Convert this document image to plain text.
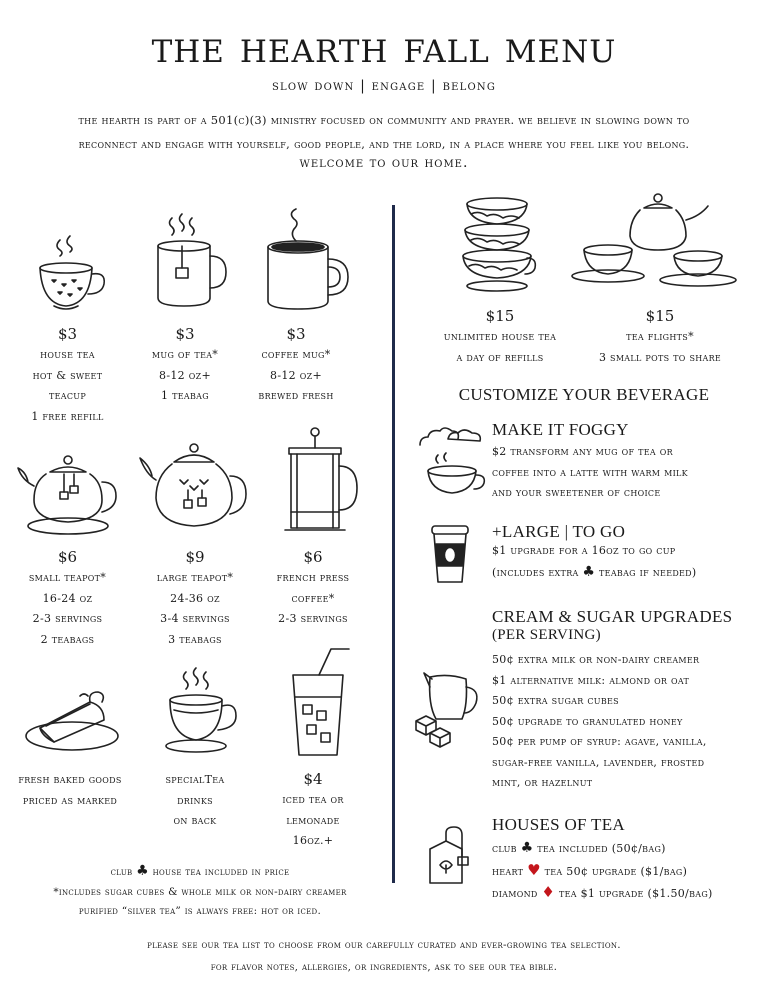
the hearth fall menu
slow down | engage | belong
the hearth is part of a 501(c)(3) ministry focused on community and prayer. we believe in slowing down to
reconnect and engage with yourself, good people, and the lord, in a place where you feel like you belong.
welcome to our home.
$3
house tea
hot & sweet
teacup
1 free refill
$3
mug of tea*
8-12 oz+
1 teabag
$3
coffee mug*
8-12 oz+
brewed fresh
$6
small teapot*
16-24 oz
2-3 servings
2 teabags
$9
large teapot*
24-36 oz
3-4 servings
3 teabags
$6
french press
coffee*
2-3 servings
fresh baked goods
priced as marked
specialTea
drinks
on back
$4
iced tea or
lemonade
16oz.+
club ♣ house tea included in price
*includes sugar cubes & whole milk or non-dairy creamer
purified “silver tea” is always free: hot or iced.
$15
unlimited house tea
a day of refills
$15
tea flights*
3 small pots to share
CUSTOMIZE YOUR BEVERAGE
MAKE IT FOGGY
$2 transform any mug of tea or
coffee into a latte with warm milk
and your sweetener of choice
+LARGE | TO GO
$1 upgrade for a 16oz to go cup
(includes extra ♣ teabag if needed)
CREAM & SUGAR UPGRADES
(PER SERVING)
50¢ extra milk or non-dairy creamer
$1 alternative milk: almond or oat
50¢ extra sugar cubes
50¢ upgrade to granulated honey
50¢ per pump of syrup: agave, vanilla,
sugar-free vanilla, lavender, frosted
mint, or hazelnut
HOUSES OF TEA
club ♣ tea included (50¢/bag)
heart ♥ tea 50¢ upgrade ($1/bag)
diamond ♦ tea $1 upgrade ($1.50/bag)
please see our tea list to choose from our carefully curated and ever-growing tea selection.
for flavor notes, allergies, or ingredients, ask to see our tea bible.
